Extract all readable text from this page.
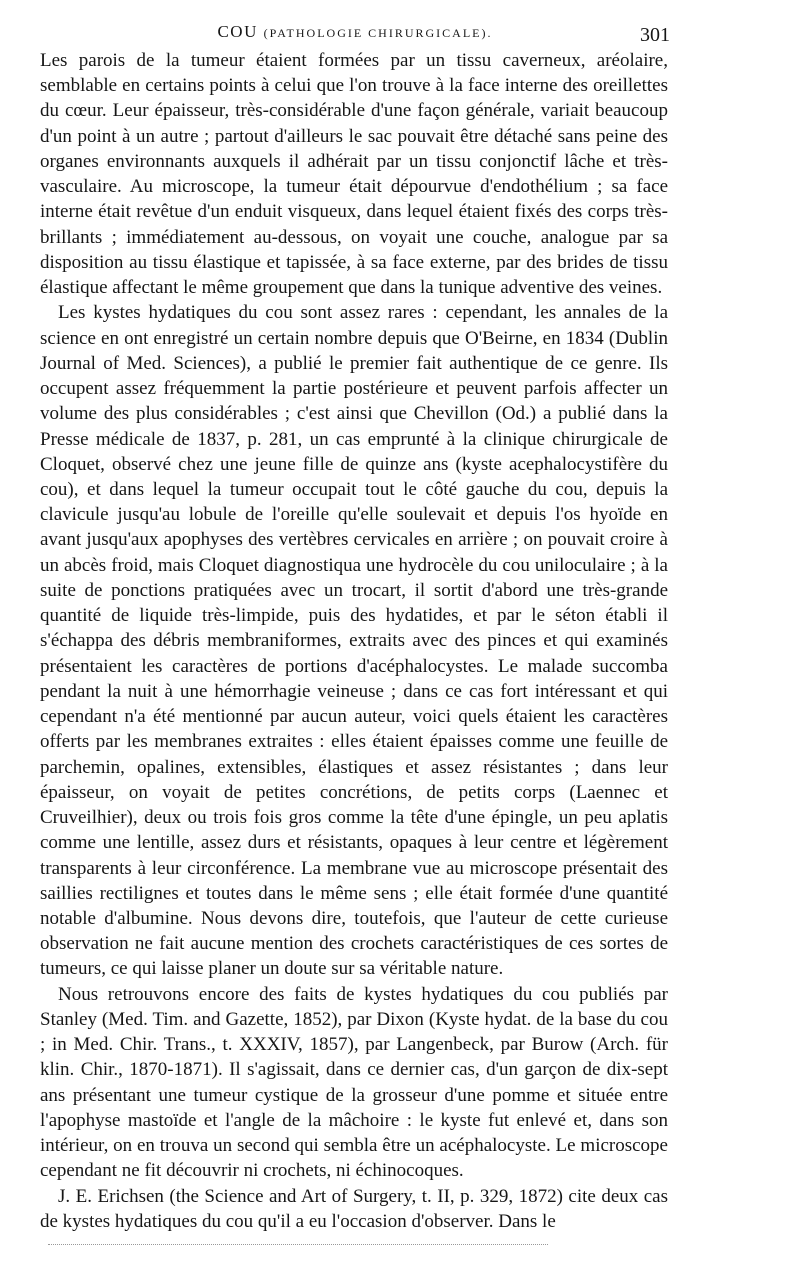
COU (PATHOLOGIE CHIRURGICALE).	301

Les parois de la tumeur étaient formées par un tissu caverneux, aréolaire, semblable en certains points à celui que l'on trouve à la face interne des oreillettes du cœur. Leur épaisseur, très-considérable d'une façon générale, variait beaucoup d'un point à un autre ; partout d'ailleurs le sac pouvait être détaché sans peine des organes environnants auxquels il adhérait par un tissu conjonctif lâche et très-vasculaire. Au microscope, la tumeur était dépourvue d'endothélium ; sa face interne était revêtue d'un enduit visqueux, dans lequel étaient fixés des corps très-brillants ; immédiatement au-dessous, on voyait une couche, analogue par sa disposition au tissu élastique et tapissée, à sa face externe, par des brides de tissu élastique affectant le même groupement que dans la tunique adventive des veines.

Les kystes hydatiques du cou sont assez rares : cependant, les annales de la science en ont enregistré un certain nombre depuis que O'Beirne, en 1834 (Dublin Journal of Med. Sciences), a publié le premier fait authentique de ce genre. Ils occupent assez fréquemment la partie postérieure et peuvent parfois affecter un volume des plus considérables ; c'est ainsi que Chevillon (Od.) a publié dans la Presse médicale de 1837, p. 281, un cas emprunté à la clinique chirurgicale de Cloquet, observé chez une jeune fille de quinze ans (kyste acephalocystifère du cou), et dans lequel la tumeur occupait tout le côté gauche du cou, depuis la clavicule jusqu'au lobule de l'oreille qu'elle soulevait et depuis l'os hyoïde en avant jusqu'aux apophyses des vertèbres cervicales en arrière ; on pouvait croire à un abcès froid, mais Cloquet diagnostiqua une hydrocèle du cou uniloculaire ; à la suite de ponctions pratiquées avec un trocart, il sortit d'abord une très-grande quantité de liquide très-limpide, puis des hydatides, et par le séton établi il s'échappa des débris membraniformes, extraits avec des pinces et qui examinés présentaient les caractères de portions d'acéphalocystes. Le malade succomba pendant la nuit à une hémorrhagie veineuse ; dans ce cas fort intéressant et qui cependant n'a été mentionné par aucun auteur, voici quels étaient les caractères offerts par les membranes extraites : elles étaient épaisses comme une feuille de parchemin, opalines, extensibles, élastiques et assez résistantes ; dans leur épaisseur, on voyait de petites concrétions, de petits corps (Laennec et Cruveilhier), deux ou trois fois gros comme la tête d'une épingle, un peu aplatis comme une lentille, assez durs et résistants, opaques à leur centre et légèrement transparents à leur circonférence. La membrane vue au microscope présentait des saillies rectilignes et toutes dans le même sens ; elle était formée d'une quantité notable d'albumine. Nous devons dire, toutefois, que l'auteur de cette curieuse observation ne fait aucune mention des crochets caractéristiques de ces sortes de tumeurs, ce qui laisse planer un doute sur sa véritable nature.

Nous retrouvons encore des faits de kystes hydatiques du cou publiés par Stanley (Med. Tim. and Gazette, 1852), par Dixon (Kyste hydat. de la base du cou ; in Med. Chir. Trans., t. XXXIV, 1857), par Langenbeck, par Burow (Arch. für klin. Chir., 1870-1871). Il s'agissait, dans ce dernier cas, d'un garçon de dix-sept ans présentant une tumeur cystique de la grosseur d'une pomme et située entre l'apophyse mastoïde et l'angle de la mâchoire : le kyste fut enlevé et, dans son intérieur, on en trouva un second qui sembla être un acéphalocyste. Le microscope cependant ne fit découvrir ni crochets, ni échinocoques.

J. E. Erichsen (the Science and Art of Surgery, t. II, p. 329, 1872) cite deux cas de kystes hydatiques du cou qu'il a eu l'occasion d'observer. Dans le
